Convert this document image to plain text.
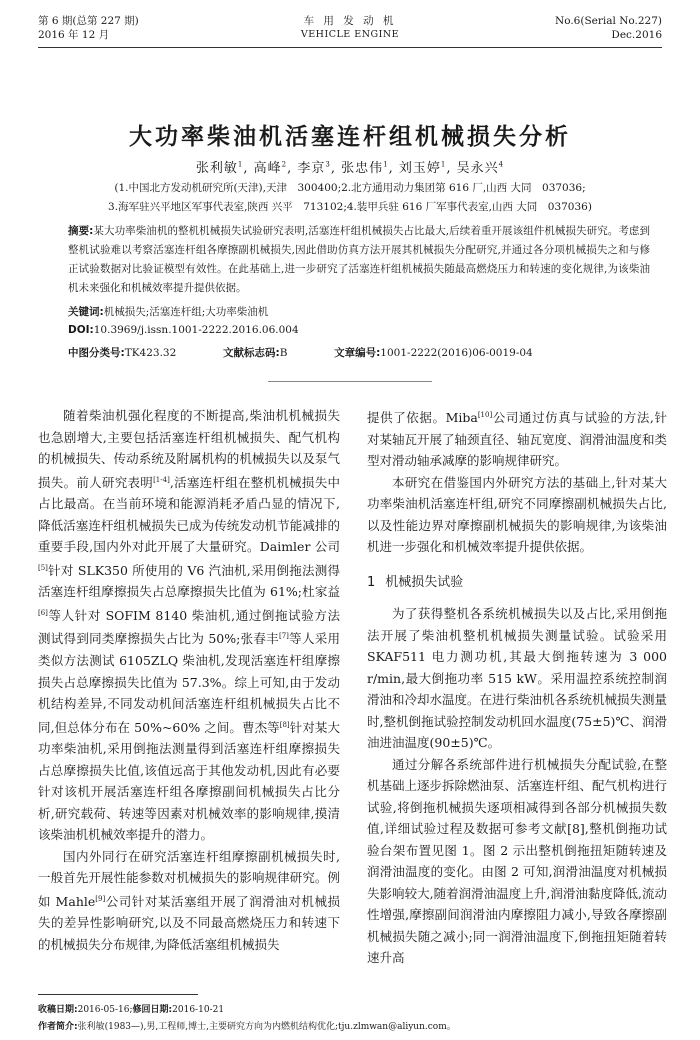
第 6 期(总第 227 期)
2016 年 12 月
车 用 发 动 机
VEHICLE ENGINE
No.6(Serial No.227)
Dec.2016
大功率柴油机活塞连杆组机械损失分析
张利敏$^1$, 高峰$^2$, 李京$^3$, 张忠伟$^1$, 刘玉婷$^1$, 吴永兴$^4$
(1.中国北方发动机研究所(天津),天津　300400;2.北方通用动力集团第 616 厂,山西 大同　037036;
3.海军驻兴平地区军事代表室,陕西 兴平　713102;4.装甲兵驻 616 厂军事代表室,山西 大同　037036)
摘要:某大功率柴油机的整机机械损失试验研究表明,活塞连杆组机械损失占比最大,后续着重开展该组件机械损失研究。考虑到整机试验难以考察活塞连杆组各摩擦副机械损失,因此借助仿真方法开展其机械损失分配研究,并通过各分项机械损失之和与修正试验数据对比验证模型有效性。在此基础上,进一步研究了活塞连杆组机械损失随最高燃烧压力和转速的变化规律,为该柴油机未来强化和机械效率提升提供依据。
关键词:机械损失;活塞连杆组;大功率柴油机
DOI:10.3969/j.issn.1001-2222.2016.06.004
中图分类号:TK423.32	文献标志码:B	文章编号:1001-2222(2016)06-0019-04

随着柴油机强化程度的不断提高,柴油机机械损失也急剧增大,主要包括活塞连杆组机械损失、配气机构的机械损失、传动系统及附属机构的机械损失以及泵气损失。前人研究表明[1-4],活塞连杆组在整机机械损失中占比最高。在当前环境和能源消耗矛盾凸显的情况下,降低活塞连杆组机械损失已成为传统发动机节能减排的重要手段,国内外对此开展了大量研究。Daimler 公司[5]针对 SLK350 所使用的 V6 汽油机,采用倒拖法测得活塞连杆组摩擦损失占总摩擦损失比值为 61%;杜家益[6]等人针对 SOFIM 8140 柴油机,通过倒拖试验方法测试得到同类摩擦损失占比为 50%;张春丰[7]等人采用类似方法测试 6105ZLQ 柴油机,发现活塞连杆组摩擦损失占总摩擦损失比值为 57.3%。综上可知,由于发动机结构差异,不同发动机间活塞连杆组机械损失占比不同,但总体分布在 50%~60% 之间。曹杰等[8]针对某大功率柴油机,采用倒拖法测量得到活塞连杆组摩擦损失占总摩擦损失比值,该值远高于其他发动机,因此有必要针对该机开展活塞连杆组各摩擦副间机械损失占比分析,研究载荷、转速等因素对机械效率的影响规律,摸清该柴油机机械效率提升的潜力。

国内外同行在研究活塞连杆组摩擦副机械损失时,一般首先开展性能参数对机械损失的影响规律研究。例如 Mahle[9]公司针对某活塞组开展了润滑油对机械损失的差异性影响研究,以及不同最高燃烧压力和转速下的机械损失分布规律,为降低活塞组机械损失

提供了依据。Miba[10]公司通过仿真与试验的方法,针对某轴瓦开展了轴颈直径、轴瓦宽度、润滑油温度和类型对滑动轴承减摩的影响规律研究。

本研究在借鉴国内外研究方法的基础上,针对某大功率柴油机活塞连杆组,研究不同摩擦副机械损失占比,以及性能边界对摩擦副机械损失的影响规律,为该柴油机进一步强化和机械效率提升提供依据。

1 机械损失试验

为了获得整机各系统机械损失以及占比,采用倒拖法开展了柴油机整机机械损失测量试验。试验采用 SKAF511 电力测功机,其最大倒拖转速为 3 000 r/min,最大倒拖功率 515 kW。采用温控系统控制润滑油和冷却水温度。在进行柴油机各系统机械损失测量时,整机倒拖试验控制发动机回水温度(75±5)℃、润滑油进油温度(90±5)℃。

通过分解各系统部件进行机械损失分配试验,在整机基础上逐步拆除燃油泵、活塞连杆组、配气机构进行试验,将倒拖机械损失逐项相减得到各部分机械损失数值,详细试验过程及数据可参考文献[8],整机倒拖功试验台架布置见图 1。图 2 示出整机倒拖扭矩随转速及润滑油温度的变化。由图 2 可知,润滑油温度对机械损失影响较大,随着润滑油温度上升,润滑油黏度降低,流动性增强,摩擦副间润滑油内摩擦阻力减小,导致各摩擦副机械损失随之减小;同一润滑油温度下,倒拖扭矩随着转速升高

收稿日期:2016-05-16;修回日期:2016-10-21
作者简介:张利敏(1983—),男,工程师,博士,主要研究方向为内燃机结构优化;tju.zlmwan@aliyun.com。
